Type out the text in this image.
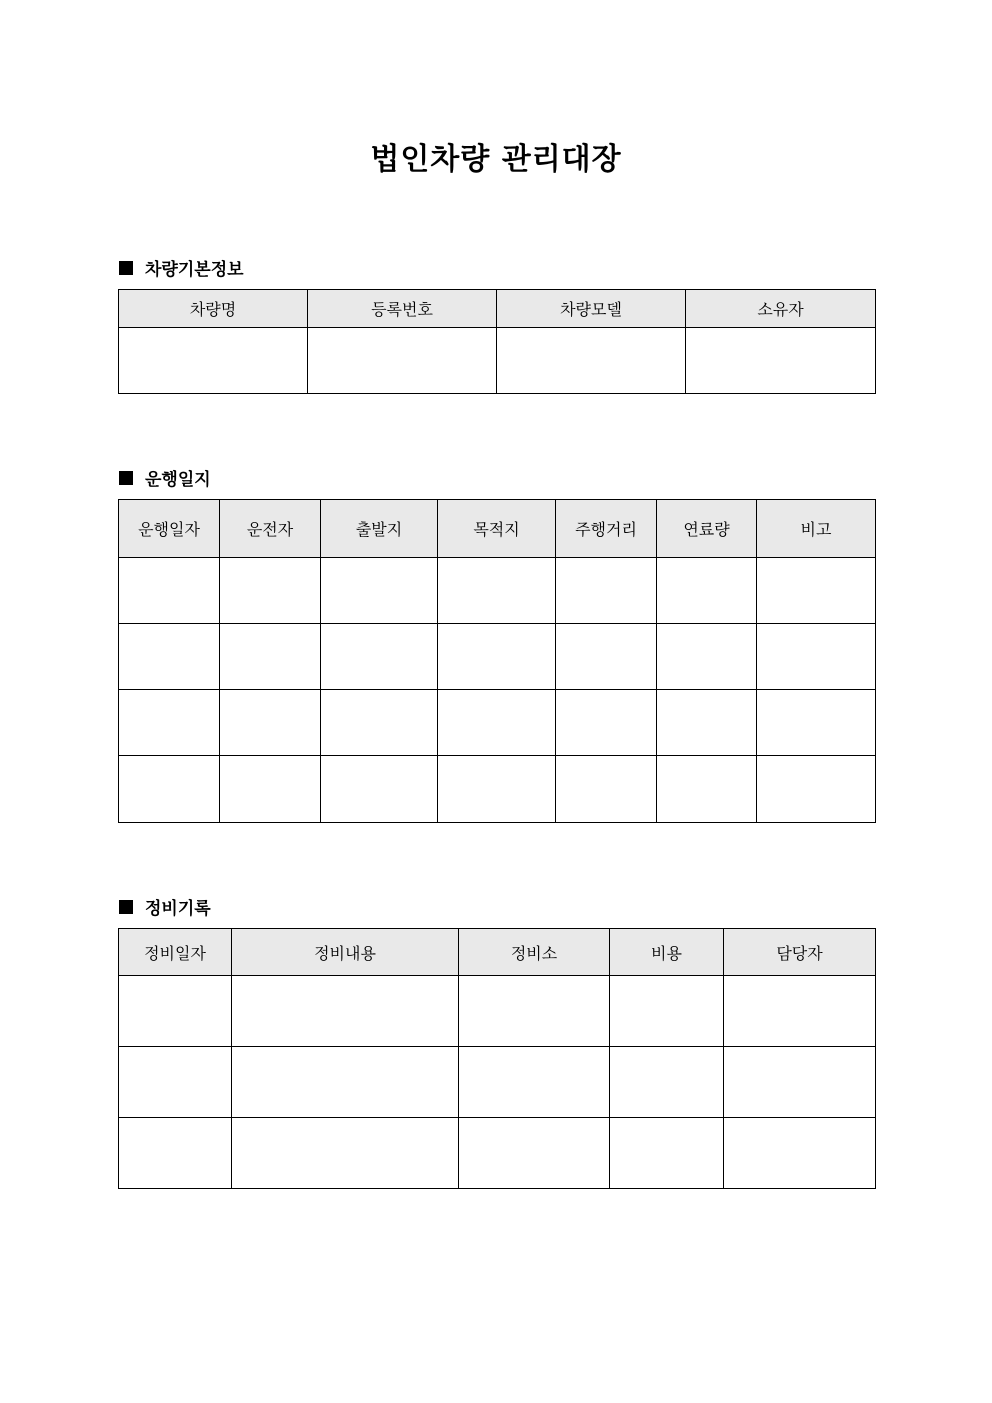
법인차량 관리대장
차량기본정보
차량명	등록번호	차량모델	소유자

운행일지
운행일자	운전자	출발지	목적지	주행거리	연료량	비고

정비기록
정비일자	정비내용	정비소	비용	담당자
